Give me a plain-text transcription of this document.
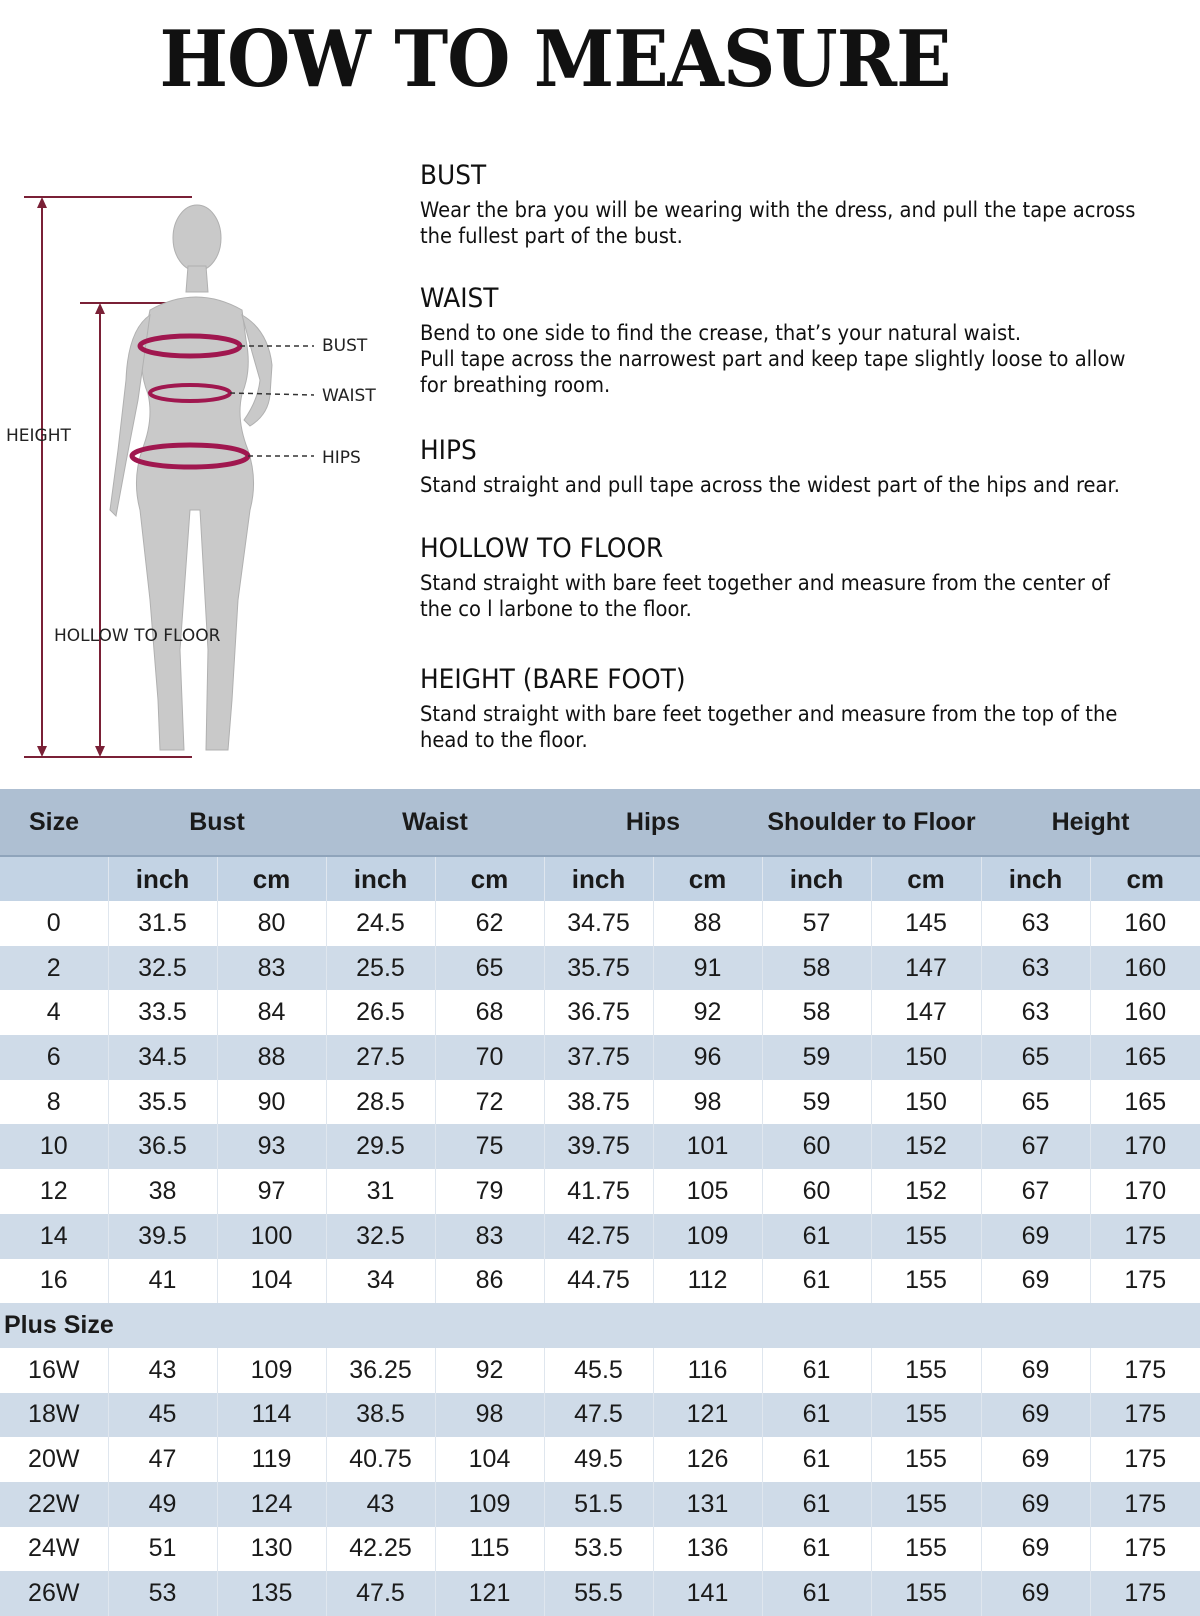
HOW TO MEASURE
HEIGHT
BUST
WAIST
HIPS
HOLLOW TO FLOOR
BUST

Wear the bra you will be wearing with the dress, and pull the tape across
the fullest part of the bust.

WAIST

Bend to one side to find the crease, that’s your natural waist.
Pull tape across the narrowest part and keep tape slightly loose to allow
for breathing room.

HIPS

Stand straight and pull tape across the widest part of the hips and rear.

HOLLOW TO FLOOR

Stand straight with bare feet together and measure from the center of
the co l larbone to the floor.

HEIGHT (BARE FOOT)

Stand straight with bare feet together and measure from the top of the
head to the floor.

Size	Bust		Waist		Hips		Shoulder to Floor		Height	
	inch	cm	inch	cm	inch	cm	inch	cm	inch	cm
0	31.5	80	24.5	62	34.75	88	57	145	63	160
2	32.5	83	25.5	65	35.75	91	58	147	63	160
4	33.5	84	26.5	68	36.75	92	58	147	63	160
6	34.5	88	27.5	70	37.75	96	59	150	65	165
8	35.5	90	28.5	72	38.75	98	59	150	65	165
10	36.5	93	29.5	75	39.75	101	60	152	67	170
12	38	97	31	79	41.75	105	60	152	67	170
14	39.5	100	32.5	83	42.75	109	61	155	69	175
16	41	104	34	86	44.75	112	61	155	69	175
Plus Size										
16W	43	109	36.25	92	45.5	116	61	155	69	175
18W	45	114	38.5	98	47.5	121	61	155	69	175
20W	47	119	40.75	104	49.5	126	61	155	69	175
22W	49	124	43	109	51.5	131	61	155	69	175
24W	51	130	42.25	115	53.5	136	61	155	69	175
26W	53	135	47.5	121	55.5	141	61	155	69	175
